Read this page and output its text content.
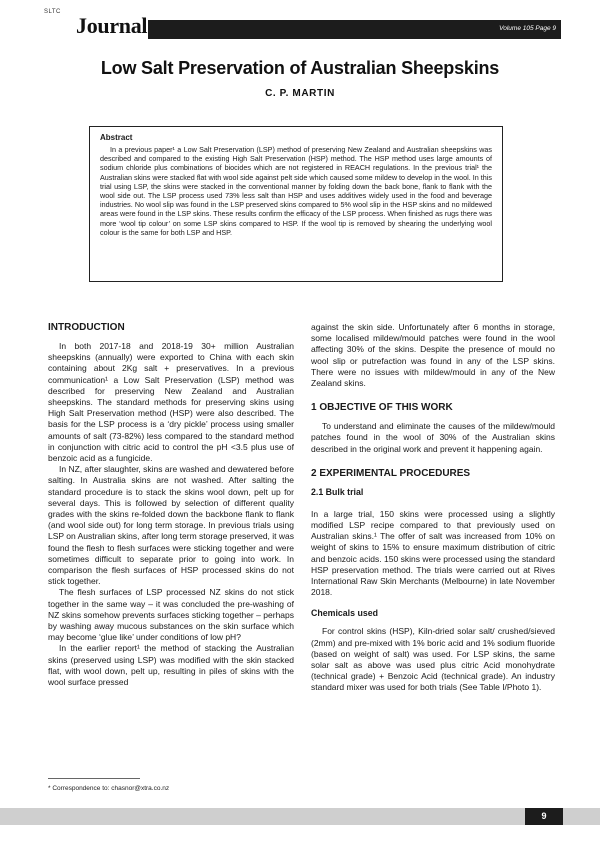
SLTC
Journal	Volume 105 Page 9
Low Salt Preservation of Australian Sheepskins
C. P. MARTIN
Abstract

In a previous paper¹ a Low Salt Preservation (LSP) method of preserving New Zealand and Australian sheepskins was described and compared to the existing High Salt Preservation (HSP) method. The HSP method uses large amounts of sodium chloride plus combinations of biocides which are not registered in REACH regulations. In the previous trial¹ the Australian skins were stacked flat with wool side against pelt side which caused some mildew to develop in the wool. In this trial using LSP, the skins were stacked in the conventional manner by folding down the back bone, flank to flank with the wool side out. The LSP process used 73% less salt than HSP and uses additives widely used in the food and beverage industries. No wool slip was found in the LSP preserved skins compared to 5% wool slip in the HSP skins and no mildewed areas were found in the LSP skins. These results confirm the efficacy of the LSP process. When finished as rugs there was more ‘wool tip colour’ on some LSP skins compared to HSP. If the wool tip is removed by shearing the underlying wool colour is the same for both LSP and HSP.

INTRODUCTION

In both 2017-18 and 2018-19 30+ million Australian sheepskins (annually) were exported to China with each skin containing about 2Kg salt + preservatives. In a previous communication¹ a Low Salt Preservation (LSP) method was described for preserving New Zealand and Australian sheepskins. The standard methods for preserving skins using High Salt Preservation method (HSP) were also described. The basis for the LSP process is a ‘dry pickle’ process using smaller amounts of salt (73-82%) less compared to the standard method in conjunction with citric acid to control the pH <3.5 plus use of benzoic acid as a fungicide.

In NZ, after slaughter, skins are washed and dewatered before salting. In Australia skins are not washed. After salting the standard procedure is to stack the skins wool down, pelt up for several days. This is followed by selection of different quality grades with the skins re-folded down the backbone flank to flank (and wool side out) for long term storage. In previous trials using LSP on Australian skins, after long term storage preserved, it was found the flesh to flesh surfaces were sticking together and were sometimes difficult to separate prior to going into work. In comparison the flesh surfaces of HSP processed skins do not stick together.

The flesh surfaces of LSP processed NZ skins do not stick together in the same way – it was concluded the pre-washing of NZ skins somehow prevents surfaces sticking together – perhaps by washing away mucous substances on the skin surface which may become ‘glue like’ under conditions of low pH?

In the earlier report¹ the method of stacking the Australian skins (preserved using LSP) was modified with the skin stacked flat, with wool down, pelt up, resulting in piles of skins with the wool surface pressed

against the skin side. Unfortunately after 6 months in storage, some localised mildew/mould patches were found in the wool affecting 30% of the skins. Despite the presence of mould no wool slip or putrefaction was found in any of the LSP skins. There were no issues with mildew/mould in any of the New Zealand skins.

1 OBJECTIVE OF THIS WORK

To understand and eliminate the causes of the mildew/mould patches found in the wool of 30% of the Australian skins described in the original work and prevent it happening again.

2 EXPERIMENTAL PROCEDURES
2.1 Bulk trial

In a large trial, 150 skins were processed using a slightly modified LSP recipe compared to that previously used on Australian skins.¹ The offer of salt was increased from 10% on weight of skins to 15% to ensure maximum distribution of citric and benzoic acids. 150 skins were processed using the standard HSP preservation method. The trials were carried out at Rives International Raw Skin Merchants (Melbourne) in late November 2018.

Chemicals used

For control skins (HSP), Kiln-dried solar salt/ crushed/sieved (2mm) and pre-mixed with 1% boric acid and 1% sodium fluoride (based on weight of salt) was used. For LSP skins, the same solar salt as above was used plus citric Acid monohydrate (technical grade) + Benzoic Acid (technical grade). An industry standard mixer was used for both trials (See Table I/Photo 1).

* Correspondence to: chasnor@xtra.co.nz
9
